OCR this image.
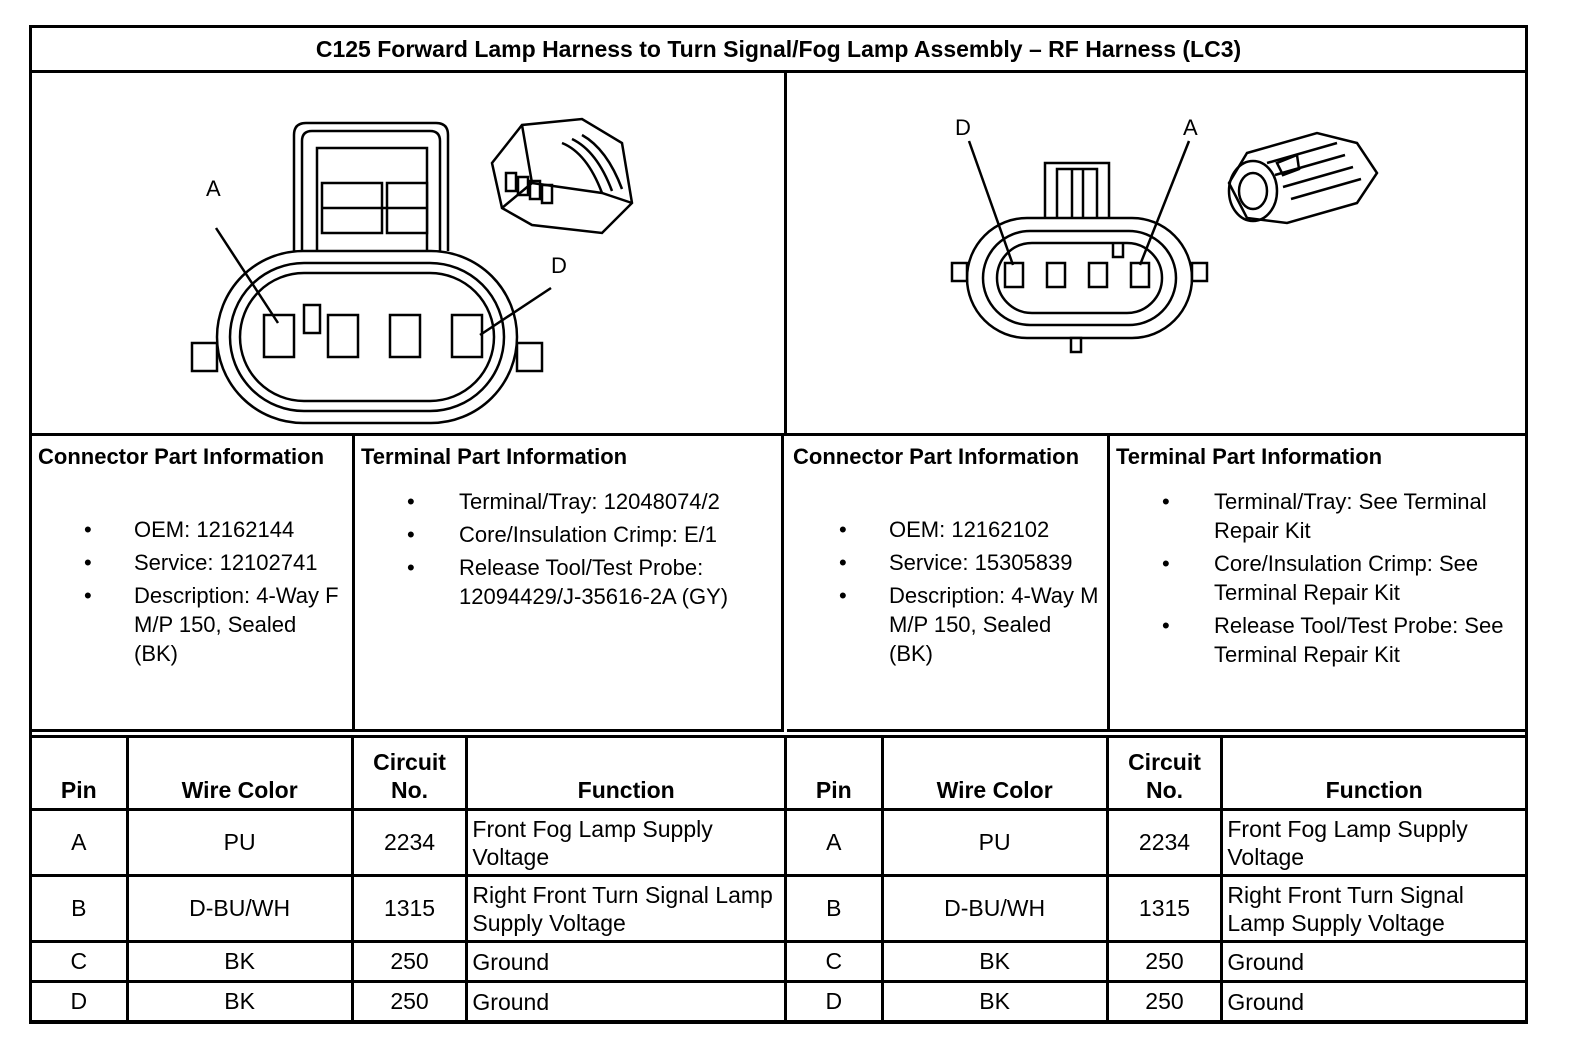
C125 Forward Lamp Harness to Turn Signal/Fog Lamp Assembly – RF Harness (LC3)
A
D
D	A
Connector Part Information
• OEM: 12162144
• Service: 12102741
• Description: 4-Way F M/P 150, Sealed (BK)
Terminal Part Information
• Terminal/Tray: 12048074/2
• Core/Insulation Crimp: E/1
• Release Tool/Test Probe: 12094429/J-35616-2A (GY)
Connector Part Information
• OEM: 12162102
• Service: 15305839
• Description: 4-Way M M/P 150, Sealed (BK)
Terminal Part Information
• Terminal/Tray: See Terminal Repair Kit
• Core/Insulation Crimp: See Terminal Repair Kit
• Release Tool/Test Probe: See Terminal Repair Kit
Pin	Wire Color	Circuit No.	Function
A	PU	2234	Front Fog Lamp Supply Voltage
B	D-BU/WH	1315	Right Front Turn Signal Lamp Supply Voltage
C	BK	250	Ground
D	BK	250	Ground
Pin	Wire Color	Circuit No.	Function
A	PU	2234	Front Fog Lamp Supply Voltage
B	D-BU/WH	1315	Right Front Turn Signal Lamp Supply Voltage
C	BK	250	Ground
D	BK	250	Ground
